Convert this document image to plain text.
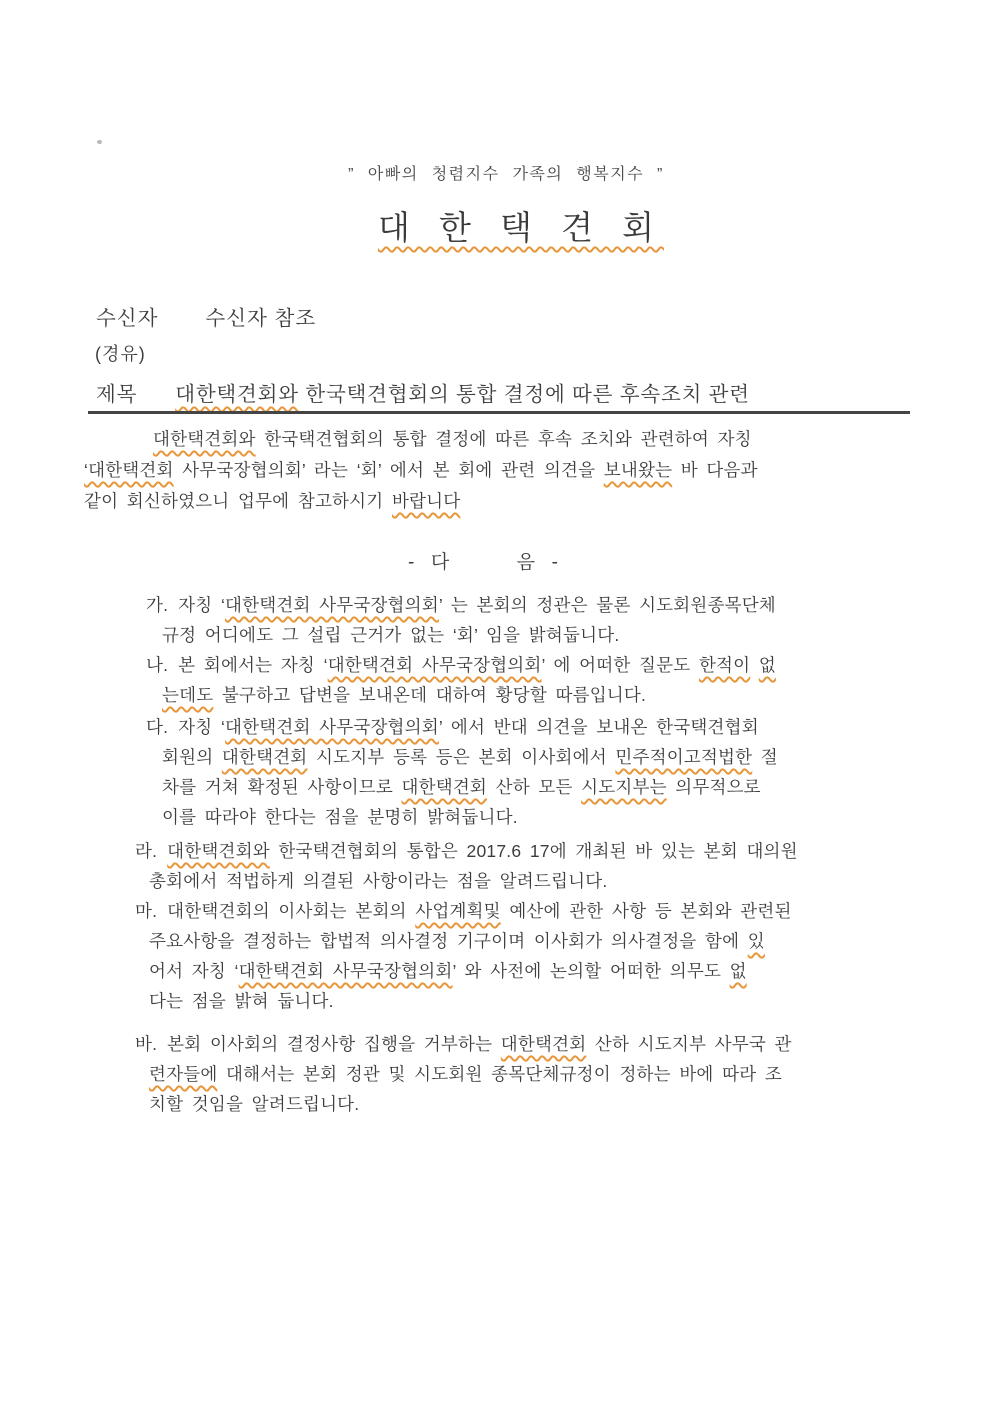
” 아빠의 청렴지수 가족의 행복지수 ”
대 한 택 견 회
수신자 수신자 참조
(경유)
제목 대한택견회와 한국택견협회의 통합 결정에 따른 후속조치 관련
대한택견회와 한국택견협회의 통합 결정에 따른 후속 조치와 관련하여 자칭
‘대한택견회 사무국장협의회’ 라는 ‘회’ 에서 본 회에 관련 의견을 보내왔는 바 다음과
같이 회신하였으니 업무에 참고하시기 바랍니다
-  다         음  -
가. 자칭 ‘대한택견회 사무국장협의회’ 는 본회의 정관은 물론 시도회원종목단체
규정 어디에도 그 설립 근거가 없는 ‘회’ 임을 밝혀둡니다.
나. 본 회에서는 자칭 ‘대한택견회 사무국장협의회’ 에 어떠한 질문도 한적이 없
는데도 불구하고 답변을 보내온데 대하여 황당할 따름입니다.
다. 자칭 ‘대한택견회 사무국장협의회’ 에서 반대 의견을 보내온 한국택견협회
회원의 대한택견회 시도지부 등록 등은 본회 이사회에서 민주적이고적법한 절
차를 거쳐 확정된 사항이므로 대한택견회 산하 모든 시도지부는 의무적으로
이를 따라야 한다는 점을 분명히 밝혀둡니다.
라. 대한택견회와 한국택견협회의 통합은 2017.6 17에 개최된 바 있는 본회 대의원
총회에서 적법하게 의결된 사항이라는 점을 알려드립니다.
마. 대한택견회의 이사회는 본회의 사업계획및 예산에 관한 사항 등 본회와 관련된
주요사항을 결정하는 합법적 의사결정 기구이며 이사회가 의사결정을 함에 있
어서 자칭 ‘대한택견회 사무국장협의회’ 와 사전에 논의할 어떠한 의무도 없
다는 점을 밝혀 둡니다.
바. 본회 이사회의 결정사항 집행을 거부하는 대한택견회 산하 시도지부 사무국 관
련자들에 대해서는 본회 정관 및 시도회원 종목단체규정이 정하는 바에 따라 조
치할 것임을 알려드립니다.
